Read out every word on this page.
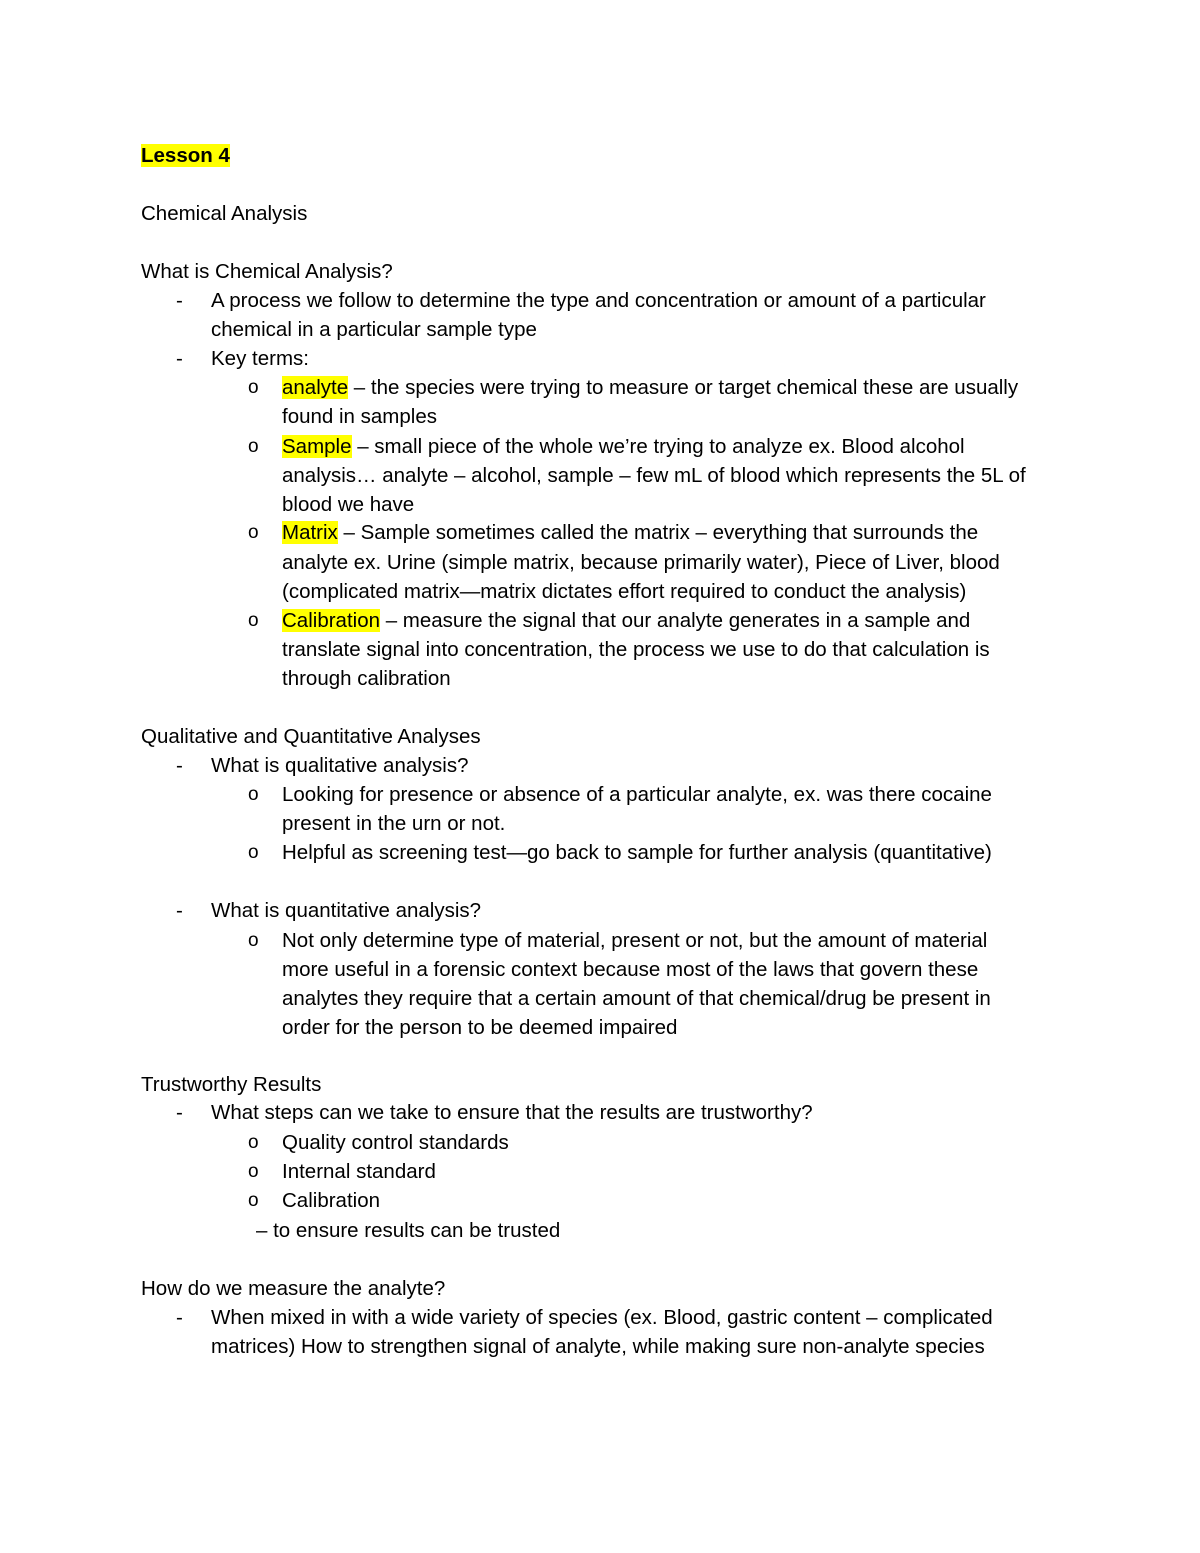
Lesson 4
Chemical Analysis
What is Chemical Analysis?
- A process we follow to determine the type and concentration or amount of a particular
chemical in a particular sample type
- Key terms:
o analyte – the species were trying to measure or target chemical these are usually
found in samples
o Sample – small piece of the whole we’re trying to analyze ex. Blood alcohol
analysis… analyte – alcohol, sample – few mL of blood which represents the 5L of
blood we have
o Matrix – Sample sometimes called the matrix – everything that surrounds the
analyte ex. Urine (simple matrix, because primarily water), Piece of Liver, blood
(complicated matrix—matrix dictates effort required to conduct the analysis)
o Calibration – measure the signal that our analyte generates in a sample and
translate signal into concentration, the process we use to do that calculation is
through calibration
Qualitative and Quantitative Analyses
- What is qualitative analysis?
o Looking for presence or absence of a particular analyte, ex. was there cocaine
present in the urn or not.
o Helpful as screening test—go back to sample for further analysis (quantitative)
- What is quantitative analysis?
o Not only determine type of material, present or not, but the amount of material
more useful in a forensic context because most of the laws that govern these
analytes they require that a certain amount of that chemical/drug be present in
order for the person to be deemed impaired
Trustworthy Results
- What steps can we take to ensure that the results are trustworthy?
o Quality control standards
o Internal standard
o Calibration
– to ensure results can be trusted
How do we measure the analyte?
- When mixed in with a wide variety of species (ex. Blood, gastric content – complicated
matrices) How to strengthen signal of analyte, while making sure non-analyte species
